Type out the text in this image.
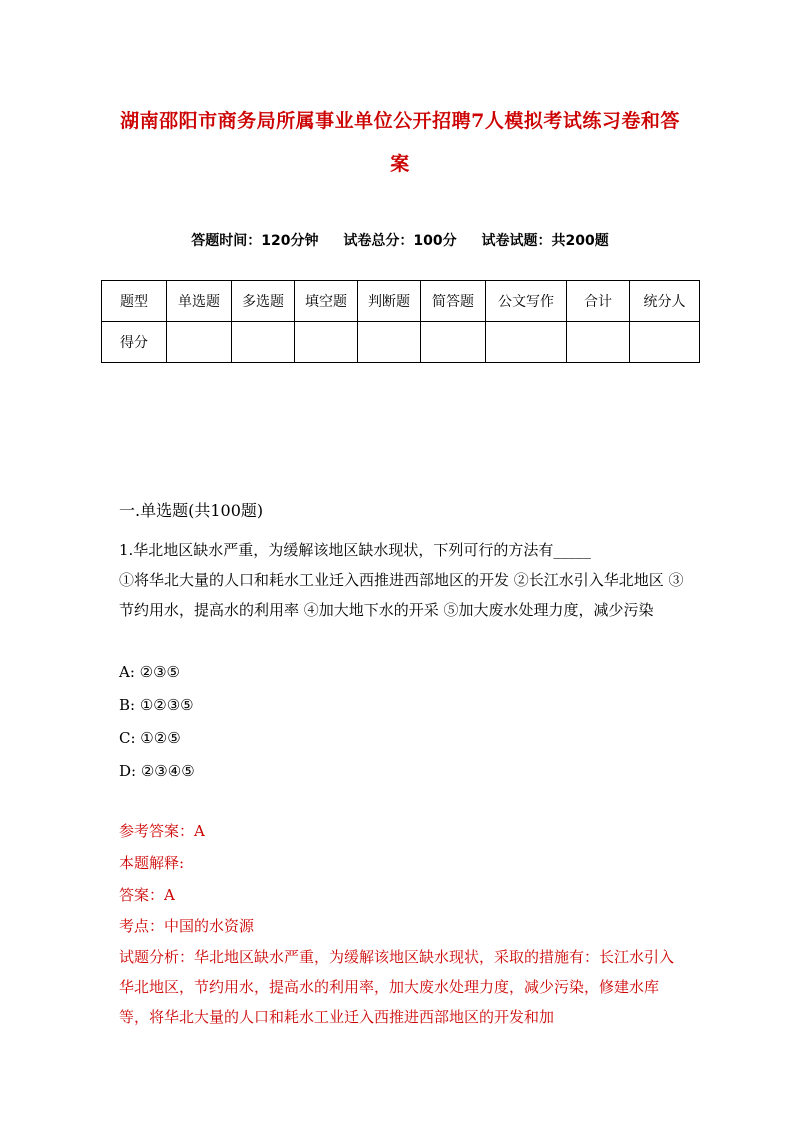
湖南邵阳市商务局所属事业单位公开招聘7人模拟考试练习卷和答
案
答题时间：120分钟 试卷总分：100分 试卷试题：共200题
题型	单选题	多选题	填空题	判断题	简答题	公文写作	合计	统分人
得分								
一.单选题(共100题)
1.华北地区缺水严重，为缓解该地区缺水现状，下列可行的方法有_____
①将华北大量的人口和耗水工业迁入西推进西部地区的开发 ②长江水引入华北地区 ③节约用水，提高水的利用率 ④加大地下水的开采 ⑤加大废水处理力度，减少污染
A: ②③⑤
B: ①②③⑤
C: ①②⑤
D: ②③④⑤
参考答案：A
本题解释:
答案：A
考点：中国的水资源
试题分析：华北地区缺水严重，为缓解该地区缺水现状，采取的措施有：长江水引入华北地区，节约用水，提高水的利用率，加大废水处理力度，减少污染，修建水库等，将华北大量的人口和耗水工业迁入西推进西部地区的开发和加
